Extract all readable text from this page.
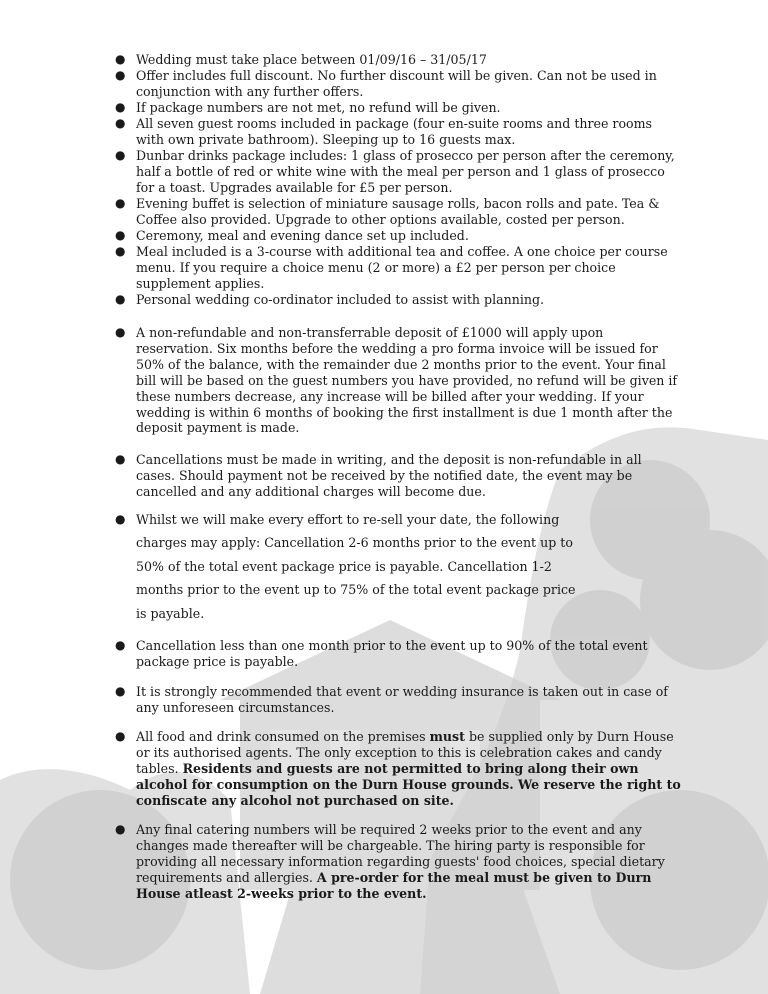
● Wedding must take place between 01/09/16 – 31/05/17
● Offer includes full discount. No further discount will be given. Can not be used in conjunction with any further offers.
● If package numbers are not met, no refund will be given.
● All seven guest rooms included in package (four en-suite rooms and three rooms with own private bathroom). Sleeping up to 16 guests max.
● Dunbar drinks package includes: 1 glass of prosecco per person after the ceremony, half a bottle of red or white wine with the meal per person and 1 glass of prosecco for a toast. Upgrades available for £5 per person.
● Evening buffet is selection of miniature sausage rolls, bacon rolls and pate. Tea & Coffee also provided. Upgrade to other options available, costed per person.
● Ceremony, meal and evening dance set up included.
● Meal included is a 3-course with additional tea and coffee. A one choice per course menu. If you require a choice menu (2 or more) a £2 per person per choice supplement applies.
● Personal wedding co-ordinator included to assist with planning.
● A non-refundable and non-transferrable deposit of £1000 will apply upon reservation. Six months before the wedding a pro forma invoice will be issued for 50% of the balance, with the remainder due 2 months prior to the event. Your final bill will be based on the guest numbers you have provided, no refund will be given if these numbers decrease, any increase will be billed after your wedding. If your wedding is within 6 months of booking the first installment is due 1 month after the deposit payment is made.
● Cancellations must be made in writing, and the deposit is non-refundable in all cases. Should payment not be received by the notified date, the event may be cancelled and any additional charges will become due.
● Whilst we will make every effort to re-sell your date, the following charges may apply: Cancellation 2-6 months prior to the event up to 50% of the total event package price is payable. Cancellation 1-2 months prior to the event up to 75% of the total event package price is payable.
● Cancellation less than one month prior to the event up to 90% of the total event package price is payable.
● It is strongly recommended that event or wedding insurance is taken out in case of any unforeseen circumstances.
● All food and drink consumed on the premises must be supplied only by Durn House or its authorised agents. The only exception to this is celebration cakes and candy tables. Residents and guests are not permitted to bring along their own alcohol for consumption on the Durn House grounds. We reserve the right to confiscate any alcohol not purchased on site.
● Any final catering numbers will be required 2 weeks prior to the event and any changes made thereafter will be chargeable. The hiring party is responsible for providing all necessary information regarding guests' food choices, special dietary requirements and allergies. A pre-order for the meal must be given to Durn House atleast 2-weeks prior to the event.
